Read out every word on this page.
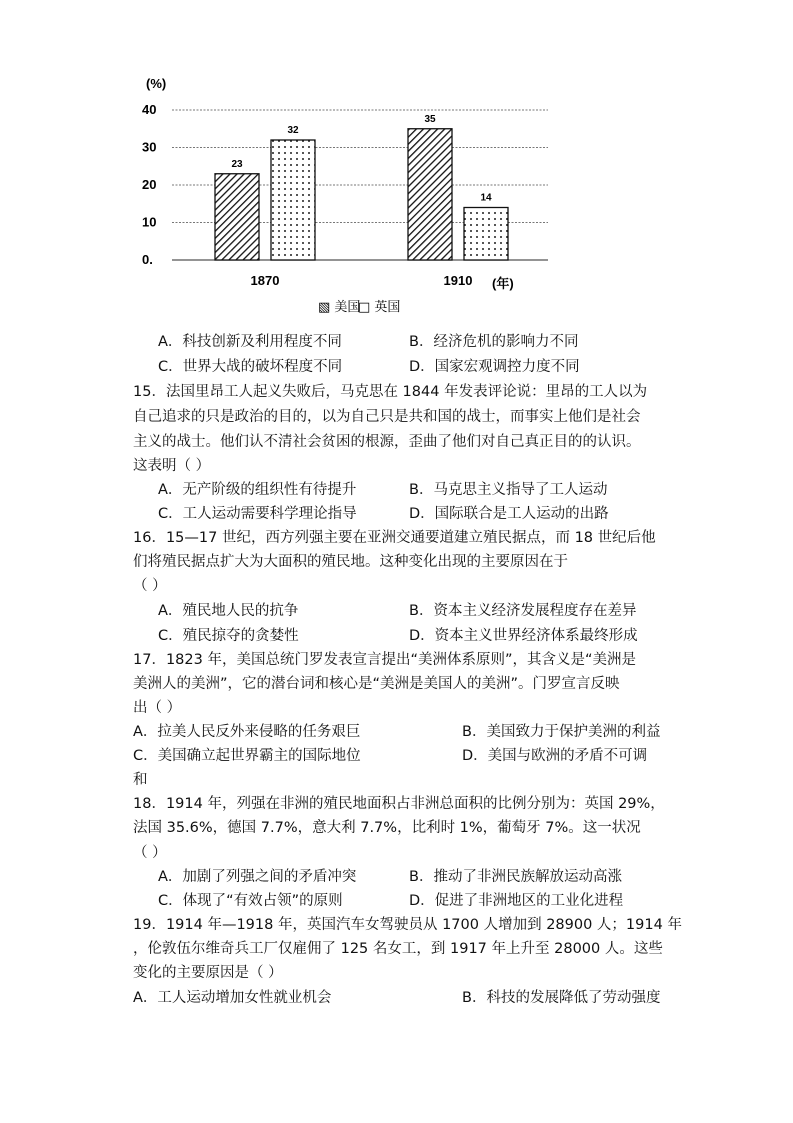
0.
10
20
30
40
23
32
1870
35
14
1910
(%)
(年)
▧ 美国
□ 英国
A．科技创新及利用程度不同	B．经济危机的影响力不同
C．世界大战的破坏程度不同	D．国家宏观调控力度不同
15．法国里昂工人起义失败后，马克思在 1844 年发表评论说：里昂的工人以为
自己追求的只是政治的目的，以为自己只是共和国的战士，而事实上他们是社会
主义的战士。他们认不清社会贫困的根源，歪曲了他们对自己真正目的的认识。
这表明（ ）
A．无产阶级的组织性有待提升	B．马克思主义指导了工人运动
C．工人运动需要科学理论指导	D．国际联合是工人运动的出路
16．15—17 世纪，西方列强主要在亚洲交通要道建立殖民据点，而 18 世纪后他
们将殖民据点扩大为大面积的殖民地。这种变化出现的主要原因在于
（ ）
A．殖民地人民的抗争	B．资本主义经济发展程度存在差异
C．殖民掠夺的贪婪性	D．资本主义世界经济体系最终形成
17．1823 年，美国总统门罗发表宣言提出“美洲体系原则”，其含义是“美洲是
美洲人的美洲”，它的潜台词和核心是“美洲是美国人的美洲”。门罗宣言反映
出（ ）
A．拉美人民反外来侵略的任务艰巨	B．美国致力于保护美洲的利益
C．美国确立起世界霸主的国际地位	D．美国与欧洲的矛盾不可调
和
18．1914 年，列强在非洲的殖民地面积占非洲总面积的比例分别为：英国 29%，
法国 35.6%，德国 7.7%，意大利 7.7%，比利时 1%，葡萄牙 7%。这一状况
（ ）
A．加剧了列强之间的矛盾冲突	B．推动了非洲民族解放运动高涨
C．体现了“有效占领”的原则	D．促进了非洲地区的工业化进程
19．1914 年—1918 年，英国汽车女驾驶员从 1700 人增加到 28900 人；1914 年
，伦敦伍尔维奇兵工厂仅雇佣了 125 名女工，到 1917 年上升至 28000 人。这些
变化的主要原因是（ ）
A．工人运动增加女性就业机会	B．科技的发展降低了劳动强度
